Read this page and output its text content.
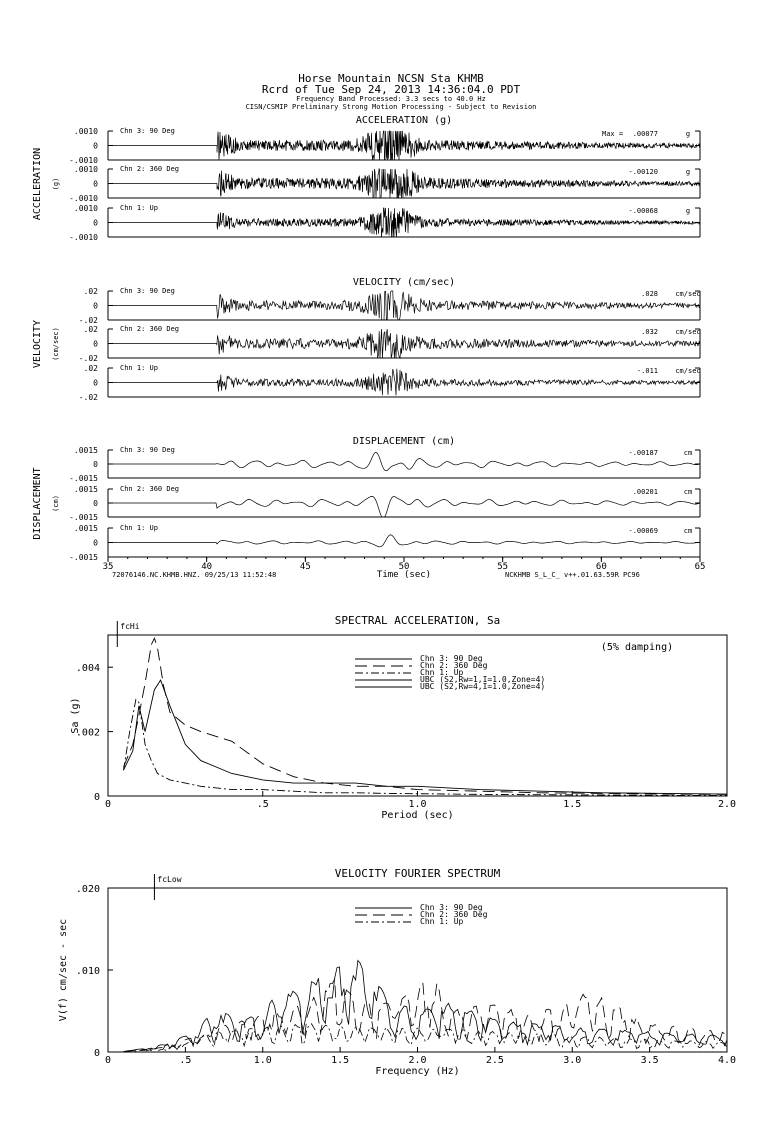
Horse Mountain NCSN Sta KHMB
Rcrd of Tue Sep 24, 2013 14:36:04.0 PDT
Frequency Band Processed: 3.3 secs to 40.0 Hz
CISN/CSMIP Preliminary Strong Motion Processing - Subject to Revision
ACCELERATION (g)
ACCELERATION (g)
.0010
0
-.0010
Chn 3: 90 Deg	.00077	g
.0010
0
-.0010
Chn 2: 360 Deg	-.00120	g
.0010
0
-.0010
Chn 1: Up	-.00068	g
Max =
VELOCITY (cm/sec)
VELOCITY (cm/sec)
.02
0
-.02
Chn 3: 90 Deg	.028 cm/sec
.02
0
-.02
Chn 2: 360 Deg	.032 cm/sec
.02
0
-.02
Chn 1: Up	-.011 cm/sec
DISPLACEMENT (cm)
DISPLACEMENT (cm)
.0015
0
-.0015
Chn 3: 90 Deg	-.00187	cm
.0015
0
-.0015
Chn 2: 360 Deg	.00201	cm
.0015
0
-.0015
Chn 1: Up	-.00069	cm
35	40	45	50	55	60	65
Time (sec)
72076146.NC.KHMB.HNZ. 09/25/13 11:52:48	NCKHMB S_L_C_ v++.01.63.59R PC96
SPECTRAL ACCELERATION, Sa
0	.5	1.0	1.5	2.0
Period (sec)
0
.002
.004
fcHi
Sa (g)
(5% damping)
Chn 3: 90 Deg
Chn 2: 360 Deg
Chn 1: Up
UBC (S2,Rw=1,I=1.0,Zone=4)
UBC (S2,Rw=4,I=1.0,Zone=4)
VELOCITY FOURIER SPECTRUM
0	.5	1.0	1.5	2.0	2.5	3.0	3.5	4.0
Frequency (Hz)
0
.010
.020
fcLow
V(f) cm/sec - sec
Chn 3: 90 Deg
Chn 2: 360 Deg
Chn 1: Up
